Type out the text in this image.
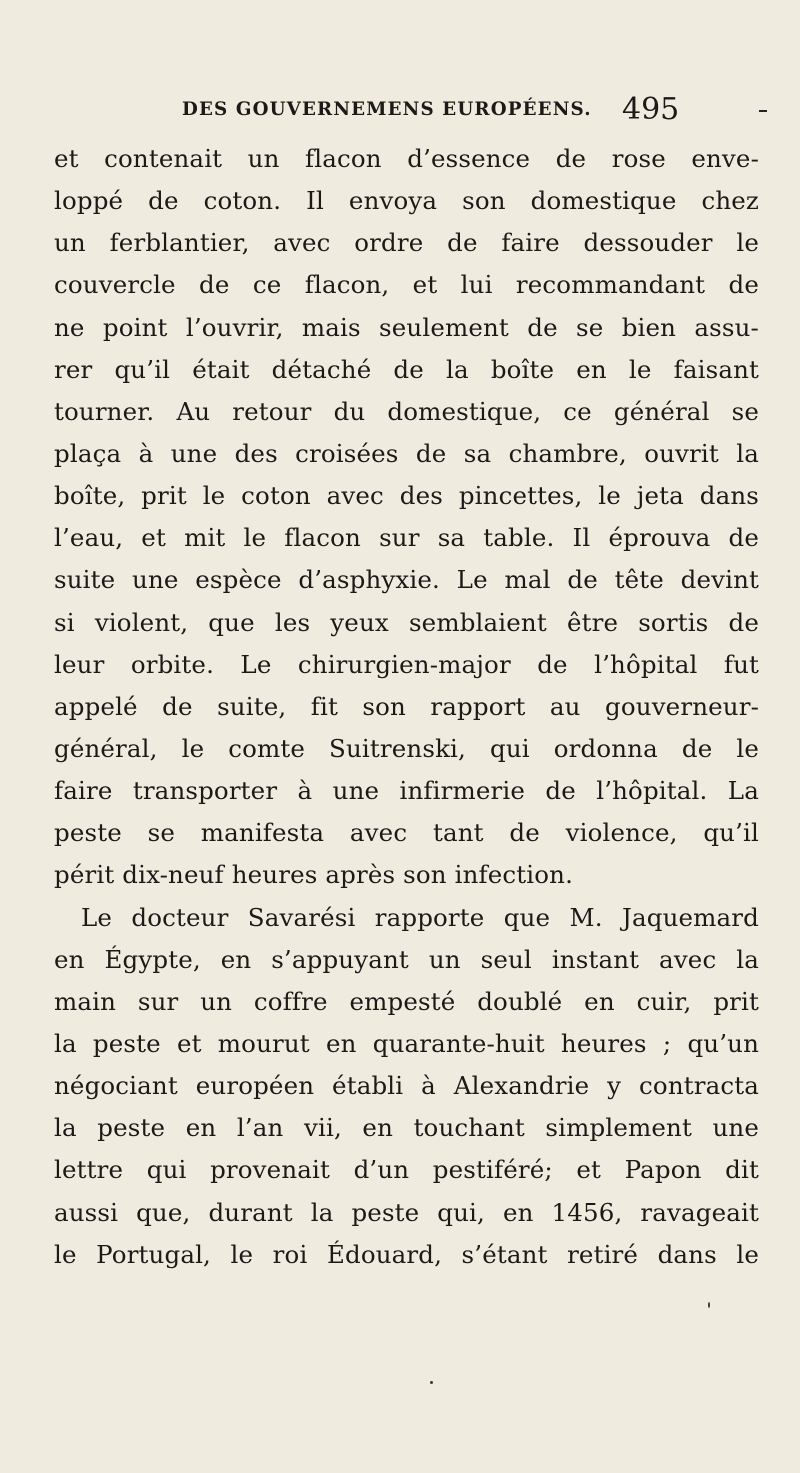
DES GOUVERNEMENS EUROPÉENS. 495
et contenait un flacon d’essence de rose enve-
loppé de coton. Il envoya son domestique chez
un ferblantier, avec ordre de faire dessouder le
couvercle de ce flacon, et lui recommandant de
ne point l’ouvrir, mais seulement de se bien assu-
rer qu’il était détaché de la boîte en le faisant
tourner. Au retour du domestique, ce général se
plaça à une des croisées de sa chambre, ouvrit la
boîte, prit le coton avec des pincettes, le jeta dans
l’eau, et mit le flacon sur sa table. Il éprouva de
suite une espèce d’asphyxie. Le mal de tête devint
si violent, que les yeux semblaient être sortis de
leur orbite. Le chirurgien-major de l’hôpital fut
appelé de suite, fit son rapport au gouverneur-
général, le comte Suitrenski, qui ordonna de le
faire transporter à une infirmerie de l’hôpital. La
peste se manifesta avec tant de violence, qu’il
périt dix-neuf heures après son infection.
Le docteur Savarési rapporte que M. Jaquemard
en Égypte, en s’appuyant un seul instant avec la
main sur un coffre empesté doublé en cuir, prit
la peste et mourut en quarante-huit heures ; qu’un
négociant européen établi à Alexandrie y contracta
la peste en l’an vii, en touchant simplement une
lettre qui provenait d’un pestiféré; et Papon dit
aussi que, durant la peste qui, en 1456, ravageait
le Portugal, le roi Édouard, s’étant retiré dans le
